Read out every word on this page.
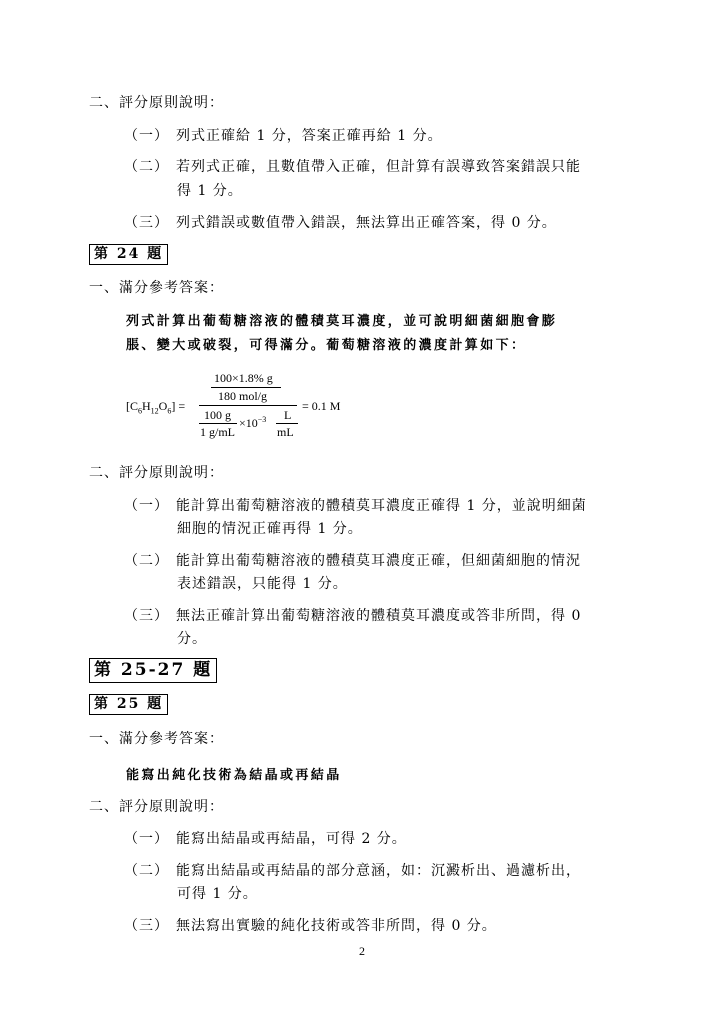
二、評分原則說明：
（一） 列式正確給 1 分，答案正確再給 1 分。
（二） 若列式正確，且數值帶入正確，但計算有誤導致答案錯誤只能
得 1 分。
（三） 列式錯誤或數值帶入錯誤，無法算出正確答案，得 0 分。
第 24 題
一、滿分參考答案：
列式計算出葡萄糖溶液的體積莫耳濃度，並可說明細菌細胞會膨
脹、變大或破裂，可得滿分。葡萄糖溶液的濃度計算如下：
$[C_6H_{12}O_6]$ =
100×1.8% g
180 mol/g
100 g
1 g/mL
$\times 10^{-3}$ L
mL
= 0.1 M
二、評分原則說明：
（一） 能計算出葡萄糖溶液的體積莫耳濃度正確得 1 分，並說明細菌
細胞的情況正確再得 1 分。
（二） 能計算出葡萄糖溶液的體積莫耳濃度正確，但細菌細胞的情況
表述錯誤，只能得 1 分。
（三） 無法正確計算出葡萄糖溶液的體積莫耳濃度或答非所問，得 0
分。
第 25-27 題
第 25 題
一、滿分參考答案：
能寫出純化技術為結晶或再結晶
二、評分原則說明：
（一） 能寫出結晶或再結晶，可得 2 分。
（二） 能寫出結晶或再結晶的部分意涵，如：沉澱析出、過濾析出，
可得 1 分。
（三） 無法寫出實驗的純化技術或答非所問，得 0 分。
2
